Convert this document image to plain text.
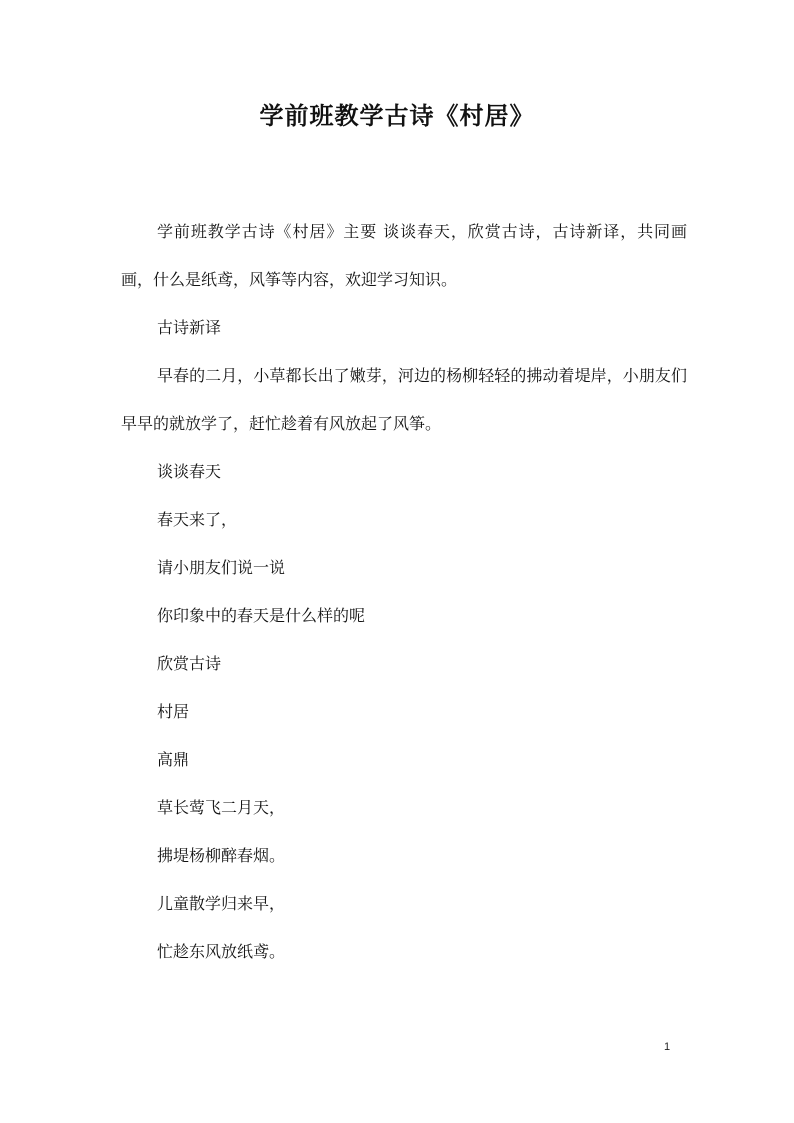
学前班教学古诗《村居》

学前班教学古诗《村居》主要 谈谈春天，欣赏古诗，古诗新译，共同画画，什么是纸鸢，风筝等内容，欢迎学习知识。

古诗新译

早春的二月，小草都长出了嫩芽，河边的杨柳轻轻的拂动着堤岸，小朋友们早早的就放学了，赶忙趁着有风放起了风筝。

谈谈春天

春天来了，

请小朋友们说一说

你印象中的春天是什么样的呢

欣赏古诗

村居

高鼎

草长莺飞二月天，

拂堤杨柳醉春烟。

儿童散学归来早，

忙趁东风放纸鸢。

1
